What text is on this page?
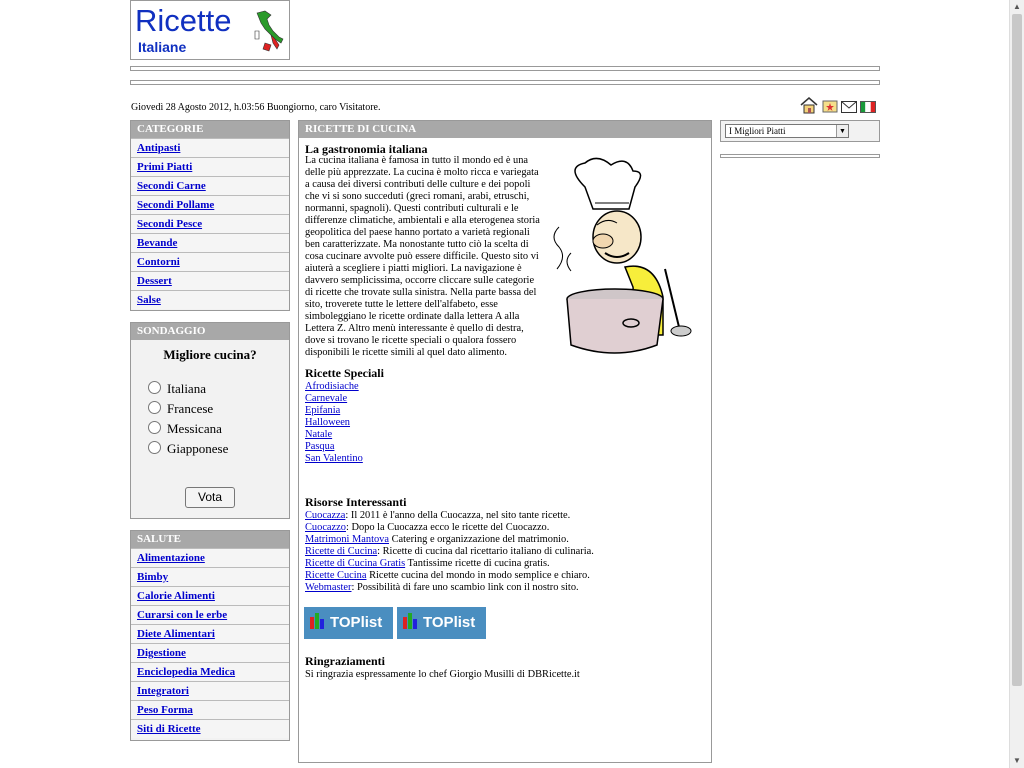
Ricette
Italiane
Giovedì 28 Agosto 2012, h.03:56 Buongiorno, caro Visitatore.
CATEGORIE
Antipasti
Primi Piatti
Secondi Carne
Secondi Pollame
Secondi Pesce
Bevande
Contorni
Dessert
Salse
SONDAGGIO
Migliore cucina?
Italiana
Francese
Messicana
Giapponese
Vota
SALUTE
Alimentazione
Bimby
Calorie Alimenti
Curarsi con le erbe
Diete Alimentari
Digestione
Enciclopedia Medica
Integratori
Peso Forma
Siti di Ricette
RICETTE DI CUCINA
La gastronomia italiana
La cucina italiana è famosa in tutto il mondo ed è una delle più apprezzate. La cucina è molto ricca e variegata a causa dei diversi contributi delle culture e dei popoli che vi si sono succeduti (greci romani, arabi, etruschi, normanni, spagnoli). Questi contributi culturali e le differenze climatiche, ambientali e alla eterogenea storia geopolitica del paese hanno portato a varietà regionali ben caratterizzate. Ma nonostante tutto ciò la scelta di cosa cucinare avvolte può essere difficile. Questo sito vi aiuterà a scegliere i piatti migliori. La navigazione è davvero semplicissima, occorre cliccare sulle categorie di ricette che trovate sulla sinistra. Nella parte bassa del sito, troverete tutte le lettere dell'alfabeto, esse simboleggiano le ricette ordinate dalla lettera A alla Lettera Z. Altro menù interessante è quello di destra, dove si trovano le ricette speciali o qualora fossero disponibili le ricette simili al quel dato alimento.
Ricette Speciali
Afrodisiache
Carnevale
Epifania
Halloween
Natale
Pasqua
San Valentino
Risorse Interessanti
Cuocazza: Il 2011 è l'anno della Cuocazza, nel sito tante ricette.
Cuocazzo: Dopo la Cuocazza ecco le ricette del Cuocazzo.
Matrimoni Mantova Catering e organizzazione del matrimonio.
Ricette di Cucina: Ricette di cucina dal ricettario italiano di culinaria.
Ricette di Cucina Gratis Tantissime ricette di cucina gratis.
Ricette Cucina Ricette cucina del mondo in modo semplice e chiaro.
Webmaster: Possibilità di fare uno scambio link con il nostro sito.
TOPlist	TOPlist
Ringraziamenti
Si ringrazia espressamente lo chef Giorgio Musilli di DBRicette.it
I Migliori Piatti	▼
▲
▼
